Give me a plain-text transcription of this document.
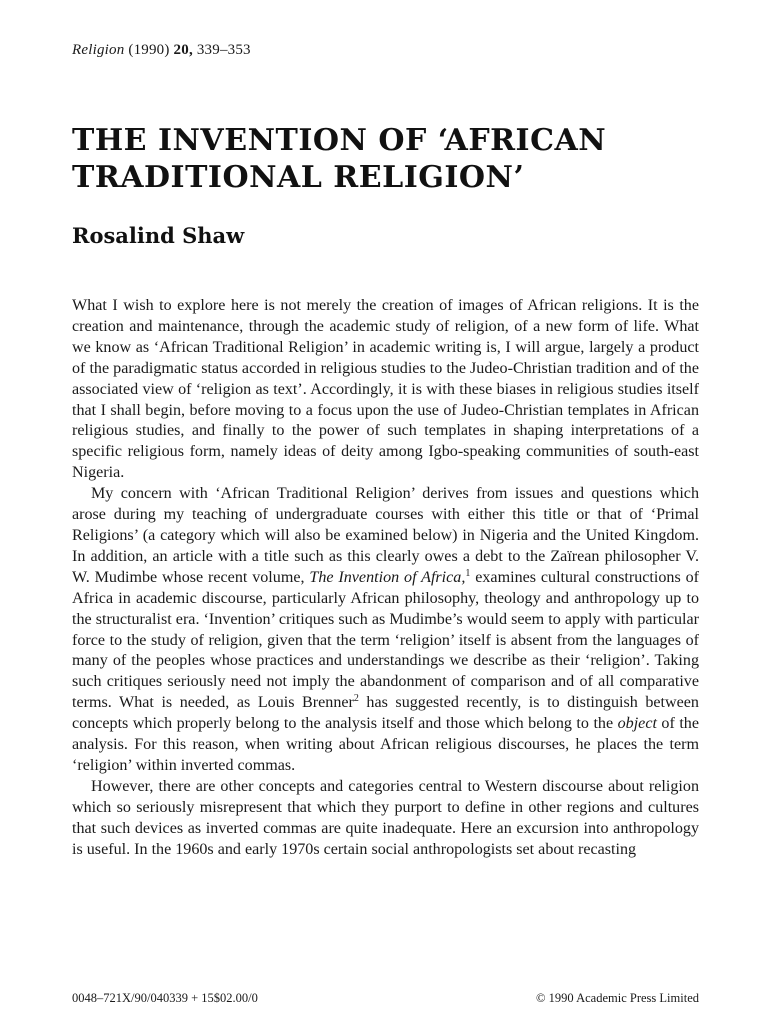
Religion (1990) 20, 339–353
THE INVENTION OF ‘AFRICAN
TRADITIONAL RELIGION’
Rosalind Shaw

What I wish to explore here is not merely the creation of images of African religions. It is the creation and maintenance, through the academic study of religion, of a new form of life. What we know as ‘African Traditional Religion’ in academic writing is, I will argue, largely a product of the paradigmatic status accorded in religious studies to the Judeo-Christian tradition and of the associated view of ‘religion as text’. Accordingly, it is with these biases in religious studies itself that I shall begin, before moving to a focus upon the use of Judeo-Christian templates in African religious studies, and finally to the power of such templates in shaping interpretations of a specific religious form, namely ideas of deity among Igbo-speaking communities of south-east Nigeria.

My concern with ‘African Traditional Religion’ derives from issues and questions which arose during my teaching of undergraduate courses with either this title or that of ‘Primal Religions’ (a category which will also be examined below) in Nigeria and the United Kingdom. In addition, an article with a title such as this clearly owes a debt to the Zaïrean philosopher V. W. Mudimbe whose recent volume, The Invention of Africa,$^1$ examines cultural constructions of Africa in academic discourse, particularly African philosophy, theology and anthropology up to the structuralist era. ‘Invention’ critiques such as Mudimbe’s would seem to apply with particular force to the study of religion, given that the term ‘religion’ itself is absent from the languages of many of the peoples whose practices and understandings we describe as their ‘religion’. Taking such critiques seriously need not imply the abandonment of comparison and of all comparative terms. What is needed, as Louis Brenner$^2$ has suggested recently, is to distinguish between concepts which properly belong to the analysis itself and those which belong to the object of the analysis. For this reason, when writing about African religious discourses, he places the term ‘religion’ within inverted commas.

However, there are other concepts and categories central to Western discourse about religion which so seriously misrepresent that which they purport to define in other regions and cultures that such devices as inverted commas are quite inadequate. Here an excursion into anthropology is useful. In the 1960s and early 1970s certain social anthropologists set about recasting

0048–721X/90/040339 + 15$02.00/0	© 1990 Academic Press Limited
